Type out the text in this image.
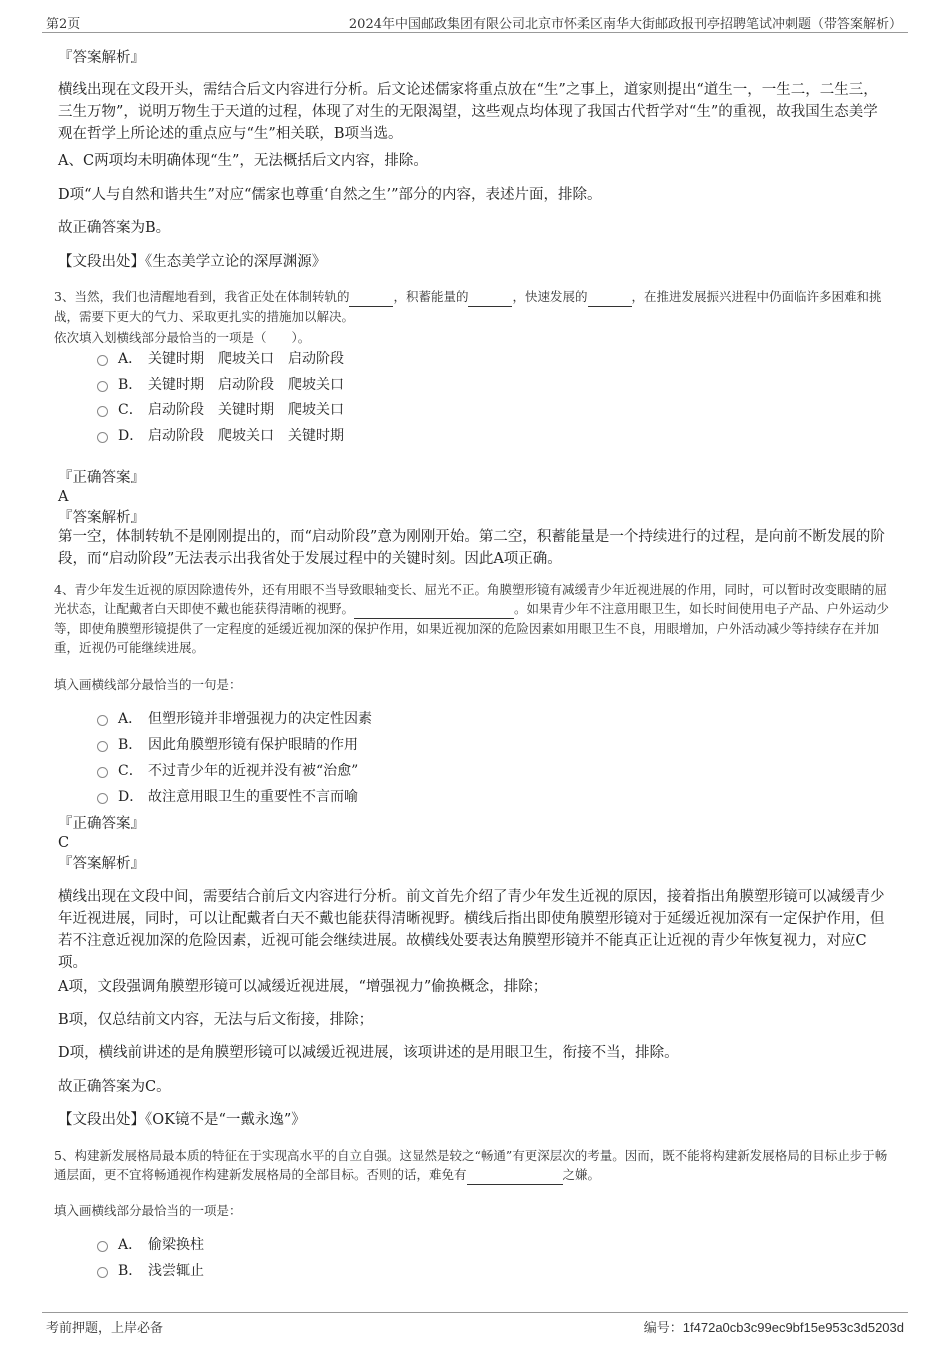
第2页	2024年中国邮政集团有限公司北京市怀柔区南华大街邮政报刊亭招聘笔试冲刺题（带答案解析）
『答案解析』
横线出现在文段开头，需结合后文内容进行分析。后文论述儒家将重点放在“生”之事上，道家则提出“道生一，一生二，二生三，三生万物”，说明万物生于天道的过程，体现了对生的无限渴望，这些观点均体现了我国古代哲学对“生”的重视，故我国生态美学观在哲学上所论述的重点应与“生”相关联，B项当选。
A、C两项均未明确体现“生”，无法概括后文内容，排除。
D项“人与自然和谐共生”对应“儒家也尊重‘自然之生’”部分的内容，表述片面，排除。
故正确答案为B。
【文段出处】《生态美学立论的深厚渊源》
3、当然，我们也清醒地看到，我省正处在体制转轨的	，积蓄能量的	，快速发展的	，在推进发展振兴进程中仍面临许多困难和挑战，需要下更大的气力、采取更扎实的措施加以解决。
依次填入划横线部分最恰当的一项是（　　）。
A． 关键时期　爬坡关口　启动阶段
B． 关键时期　启动阶段　爬坡关口
C． 启动阶段　关键时期　爬坡关口
D． 启动阶段　爬坡关口　关键时期
『正确答案』
A
『答案解析』
第一空，体制转轨不是刚刚提出的，而“启动阶段”意为刚刚开始。第二空，积蓄能量是一个持续进行的过程，是向前不断发展的阶段，而“启动阶段”无法表示出我省处于发展过程中的关键时刻。因此A项正确。
4、青少年发生近视的原因除遗传外，还有用眼不当导致眼轴变长、屈光不正。角膜塑形镜有减缓青少年近视进展的作用，同时，可以暂时改变眼睛的屈光状态，让配戴者白天即使不戴也能获得清晰的视野。	。如果青少年不注意用眼卫生，如长时间使用电子产品、户外运动少等，即使角膜塑形镜提供了一定程度的延缓近视加深的保护作用，如果近视加深的危险因素如用眼卫生不良，用眼增加，户外活动减少等持续存在并加重，近视仍可能继续进展。
填入画横线部分最恰当的一句是：
A． 但塑形镜并非增强视力的决定性因素
B． 因此角膜塑形镜有保护眼睛的作用
C． 不过青少年的近视并没有被“治愈”
D． 故注意用眼卫生的重要性不言而喻
『正确答案』
C
『答案解析』
横线出现在文段中间，需要结合前后文内容进行分析。前文首先介绍了青少年发生近视的原因，接着指出角膜塑形镜可以减缓青少年近视进展，同时，可以让配戴者白天不戴也能获得清晰视野。横线后指出即使角膜塑形镜对于延缓近视加深有一定保护作用，但若不注意近视加深的危险因素，近视可能会继续进展。故横线处要表达角膜塑形镜并不能真正让近视的青少年恢复视力，对应C项。
A项，文段强调角膜塑形镜可以减缓近视进展，“增强视力”偷换概念，排除；
B项，仅总结前文内容，无法与后文衔接，排除；
D项，横线前讲述的是角膜塑形镜可以减缓近视进展，该项讲述的是用眼卫生，衔接不当，排除。
故正确答案为C。
【文段出处】《OK镜不是“一戴永逸”》
5、构建新发展格局最本质的特征在于实现高水平的自立自强。这显然是较之“畅通”有更深层次的考量。因而，既不能将构建新发展格局的目标止步于畅通层面，更不宜将畅通视作构建新发展格局的全部目标。否则的话，难免有	之嫌。
填入画横线部分最恰当的一项是：
A． 偷梁换柱
B． 浅尝辄止
考前押题，上岸必备	编号：1f472a0cb3c99ec9bf15e953c3d5203d
